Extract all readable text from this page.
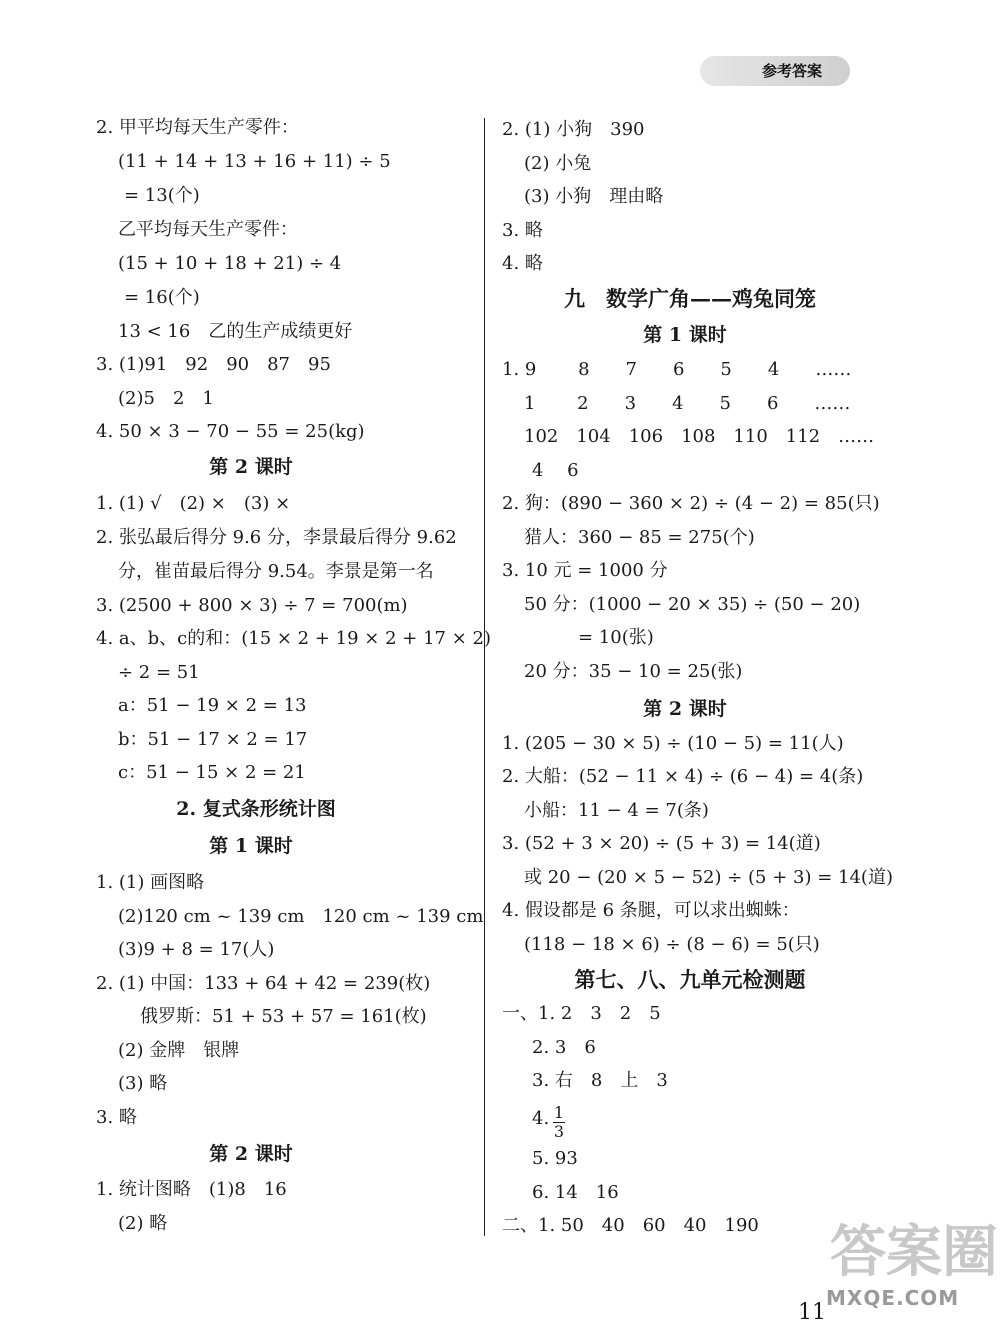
参考答案
2. 甲平均每天生产零件：
(11 + 14 + 13 + 16 + 11) ÷ 5
= 13(个)
乙平均每天生产零件：
(15 + 10 + 18 + 21) ÷ 4
= 16(个)
13 < 16　乙的生产成绩更好
3. (1)91　92　90　87　95
(2)5　2　1
4. 50 × 3 − 70 − 55 = 25(kg)
1. (1) √　(2) ×　(3) ×
2. 张弘最后得分 9.6 分，李景最后得分 9.62
分，崔苗最后得分 9.54。李景是第一名
3. (2500 + 800 × 3) ÷ 7 = 700(m)
4. a、b、c的和：(15 × 2 + 19 × 2 + 17 × 2)
÷ 2 = 51
a：51 − 19 × 2 = 13
b：51 − 17 × 2 = 17
c：51 − 15 × 2 = 21
1. (1) 画图略
(2)120 cm ~ 139 cm　120 cm ~ 139 cm
(3)9 + 8 = 17(人)
2. (1) 中国：133 + 64 + 42 = 239(枚)
俄罗斯：51 + 53 + 57 = 161(枚)
(2) 金牌　银牌
(3) 略
3. 略
1. 统计图略　(1)8　16
(2) 略
第 2 课时
2. 复式条形统计图
第 1 课时
第 2 课时
2. (1) 小狗　390
(2) 小兔
(3) 小狗　理由略
3. 略
4. 略
1. 9　　 8　　7　　6　　5　　4　　……
1　　 2　　3　　4　　5　　6　　……
102　104　106　108　110　112　……
4　 6
2. 狗：(890 − 360 × 2) ÷ (4 − 2) = 85(只)
猎人：360 − 85 = 275(个)
3. 10 元 = 1000 分
50 分：(1000 − 20 × 35) ÷ (50 − 20)
= 10(张)
20 分：35 − 10 = 25(张)
1. (205 − 30 × 5) ÷ (10 − 5) = 11(人)
2. 大船：(52 − 11 × 4) ÷ (6 − 4) = 4(条)
小船：11 − 4 = 7(条)
3. (52 + 3 × 20) ÷ (5 + 3) = 14(道)
或 20 − (20 × 5 − 52) ÷ (5 + 3) = 14(道)
4. 假设都是 6 条腿，可以求出蜘蛛：
(118 − 18 × 6) ÷ (8 − 6) = 5(只)
一、1. 2　3　2　5
2. 3　6
3. 右　8　上　3
4.
5. 93
6. 14　16
二、1. 50　40　60　40　190
九　数学广角——鸡兔同笼
第 1 课时
第 2 课时
第七、八、九单元检测题
1
3
答案圈
11
MXQE.COM
